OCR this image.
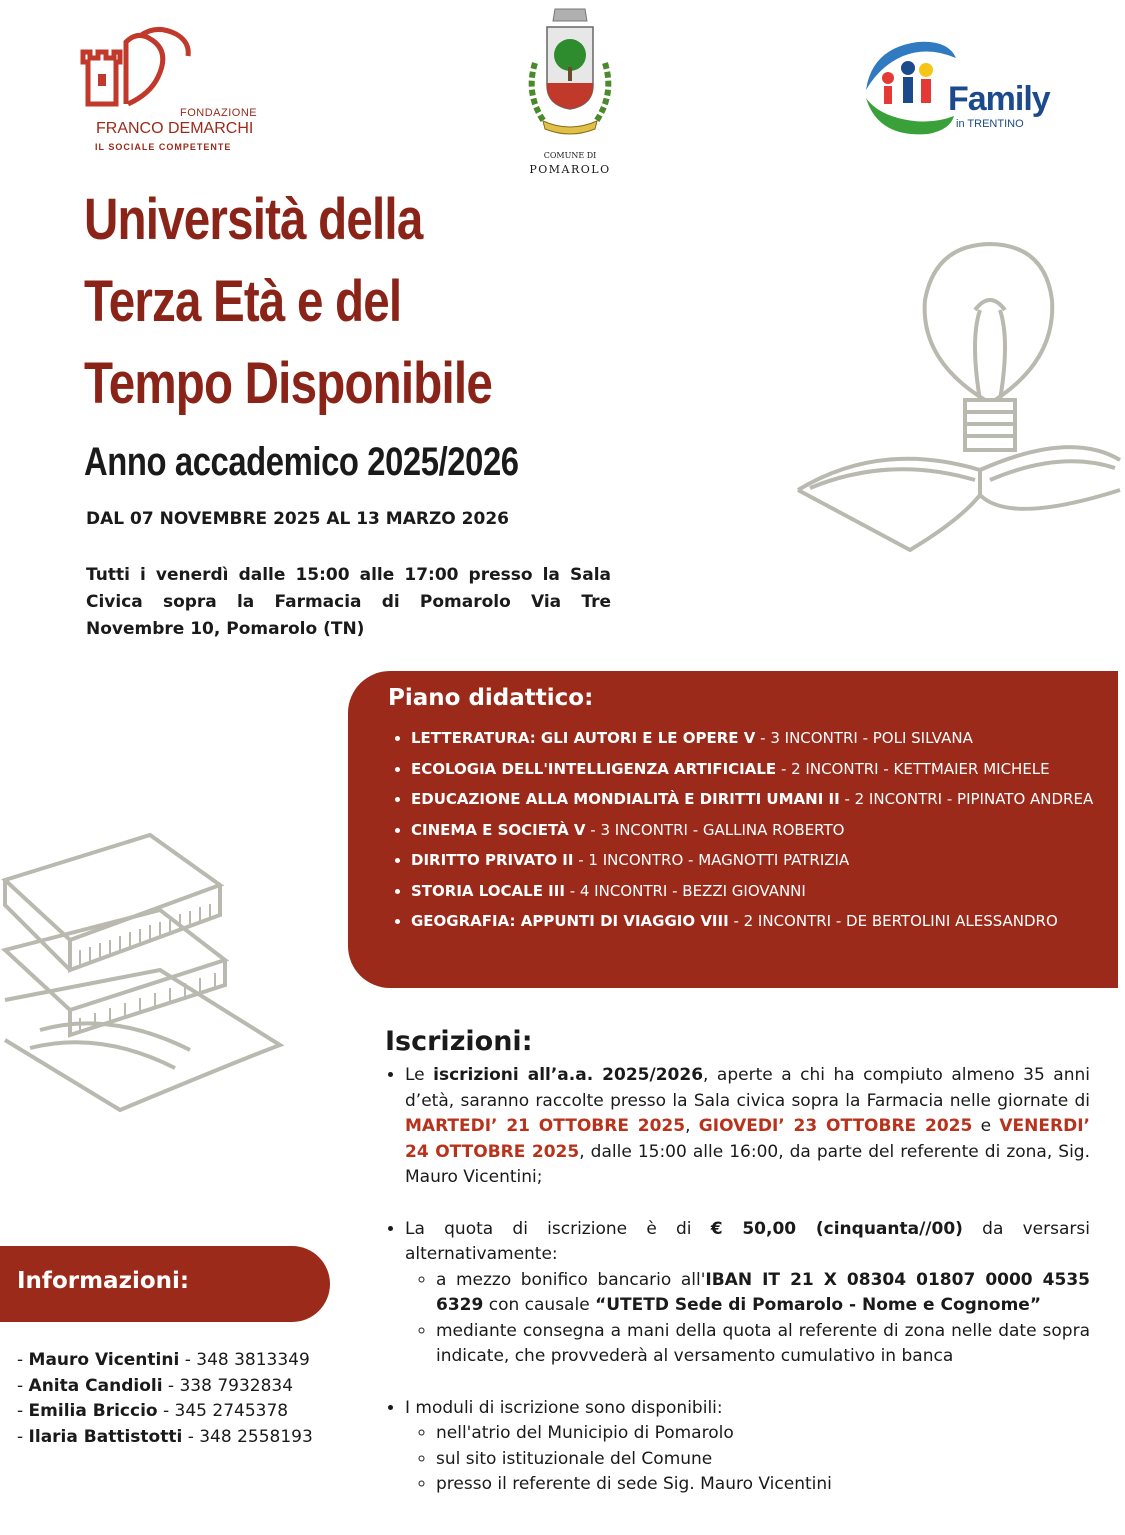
FONDAZIONE
FRANCO DEMARCHI
IL SOCIALE COMPETENTE
COMUNE DI
POMAROLO
Family
in TRENTINO
Università della
Terza Età e del
Tempo Disponibile
Anno accademico 2025/2026
DAL 07 NOVEMBRE 2025 AL 13 MARZO 2026
Tutti i venerdì dalle 15:00 alle 17:00 presso la Sala Civica sopra la Farmacia di Pomarolo Via Tre Novembre 10, Pomarolo (TN)
Piano didattico:
• LETTERATURA: GLI AUTORI E LE OPERE V - 3 INCONTRI - POLI SILVANA
• ECOLOGIA DELL'INTELLIGENZA ARTIFICIALE - 2 INCONTRI - KETTMAIER MICHELE
• EDUCAZIONE ALLA MONDIALITÀ E DIRITTI UMANI II - 2 INCONTRI - PIPINATO ANDREA
• CINEMA E SOCIETÀ V - 3 INCONTRI - GALLINA ROBERTO
• DIRITTO PRIVATO II - 1 INCONTRO - MAGNOTTI PATRIZIA
• STORIA LOCALE III - 4 INCONTRI - BEZZI GIOVANNI
• GEOGRAFIA: APPUNTI DI VIAGGIO VIII - 2 INCONTRI - DE BERTOLINI ALESSANDRO
Iscrizioni:
• Le iscrizioni all’a.a. 2025/2026, aperte a chi ha compiuto almeno 35 anni d’età, saranno raccolte presso la Sala civica sopra la Farmacia nelle giornate di MARTEDI’ 21 OTTOBRE 2025, GIOVEDI’ 23 OTTOBRE 2025 e VENERDI’ 24 OTTOBRE 2025, dalle 15:00 alle 16:00, da parte del referente di zona, Sig. Mauro Vicentini;
• La quota di iscrizione è di € 50,00 (cinquanta//00) da versarsi alternativamente:
◦ a mezzo bonifico bancario all'IBAN IT 21 X 08304 01807 0000 4535 6329 con causale “UTETD Sede di Pomarolo - Nome e Cognome”
◦ mediante consegna a mani della quota al referente di zona nelle date sopra indicate, che provvederà al versamento cumulativo in banca
• I moduli di iscrizione sono disponibili:
◦ nell'atrio del Municipio di Pomarolo
◦ sul sito istituzionale del Comune
◦ presso il referente di sede Sig. Mauro Vicentini
Informazioni:
- Mauro Vicentini - 348 3813349
- Anita Candioli - 338 7932834
- Emilia Briccio - 345 2745378
- Ilaria Battistotti - 348 2558193
